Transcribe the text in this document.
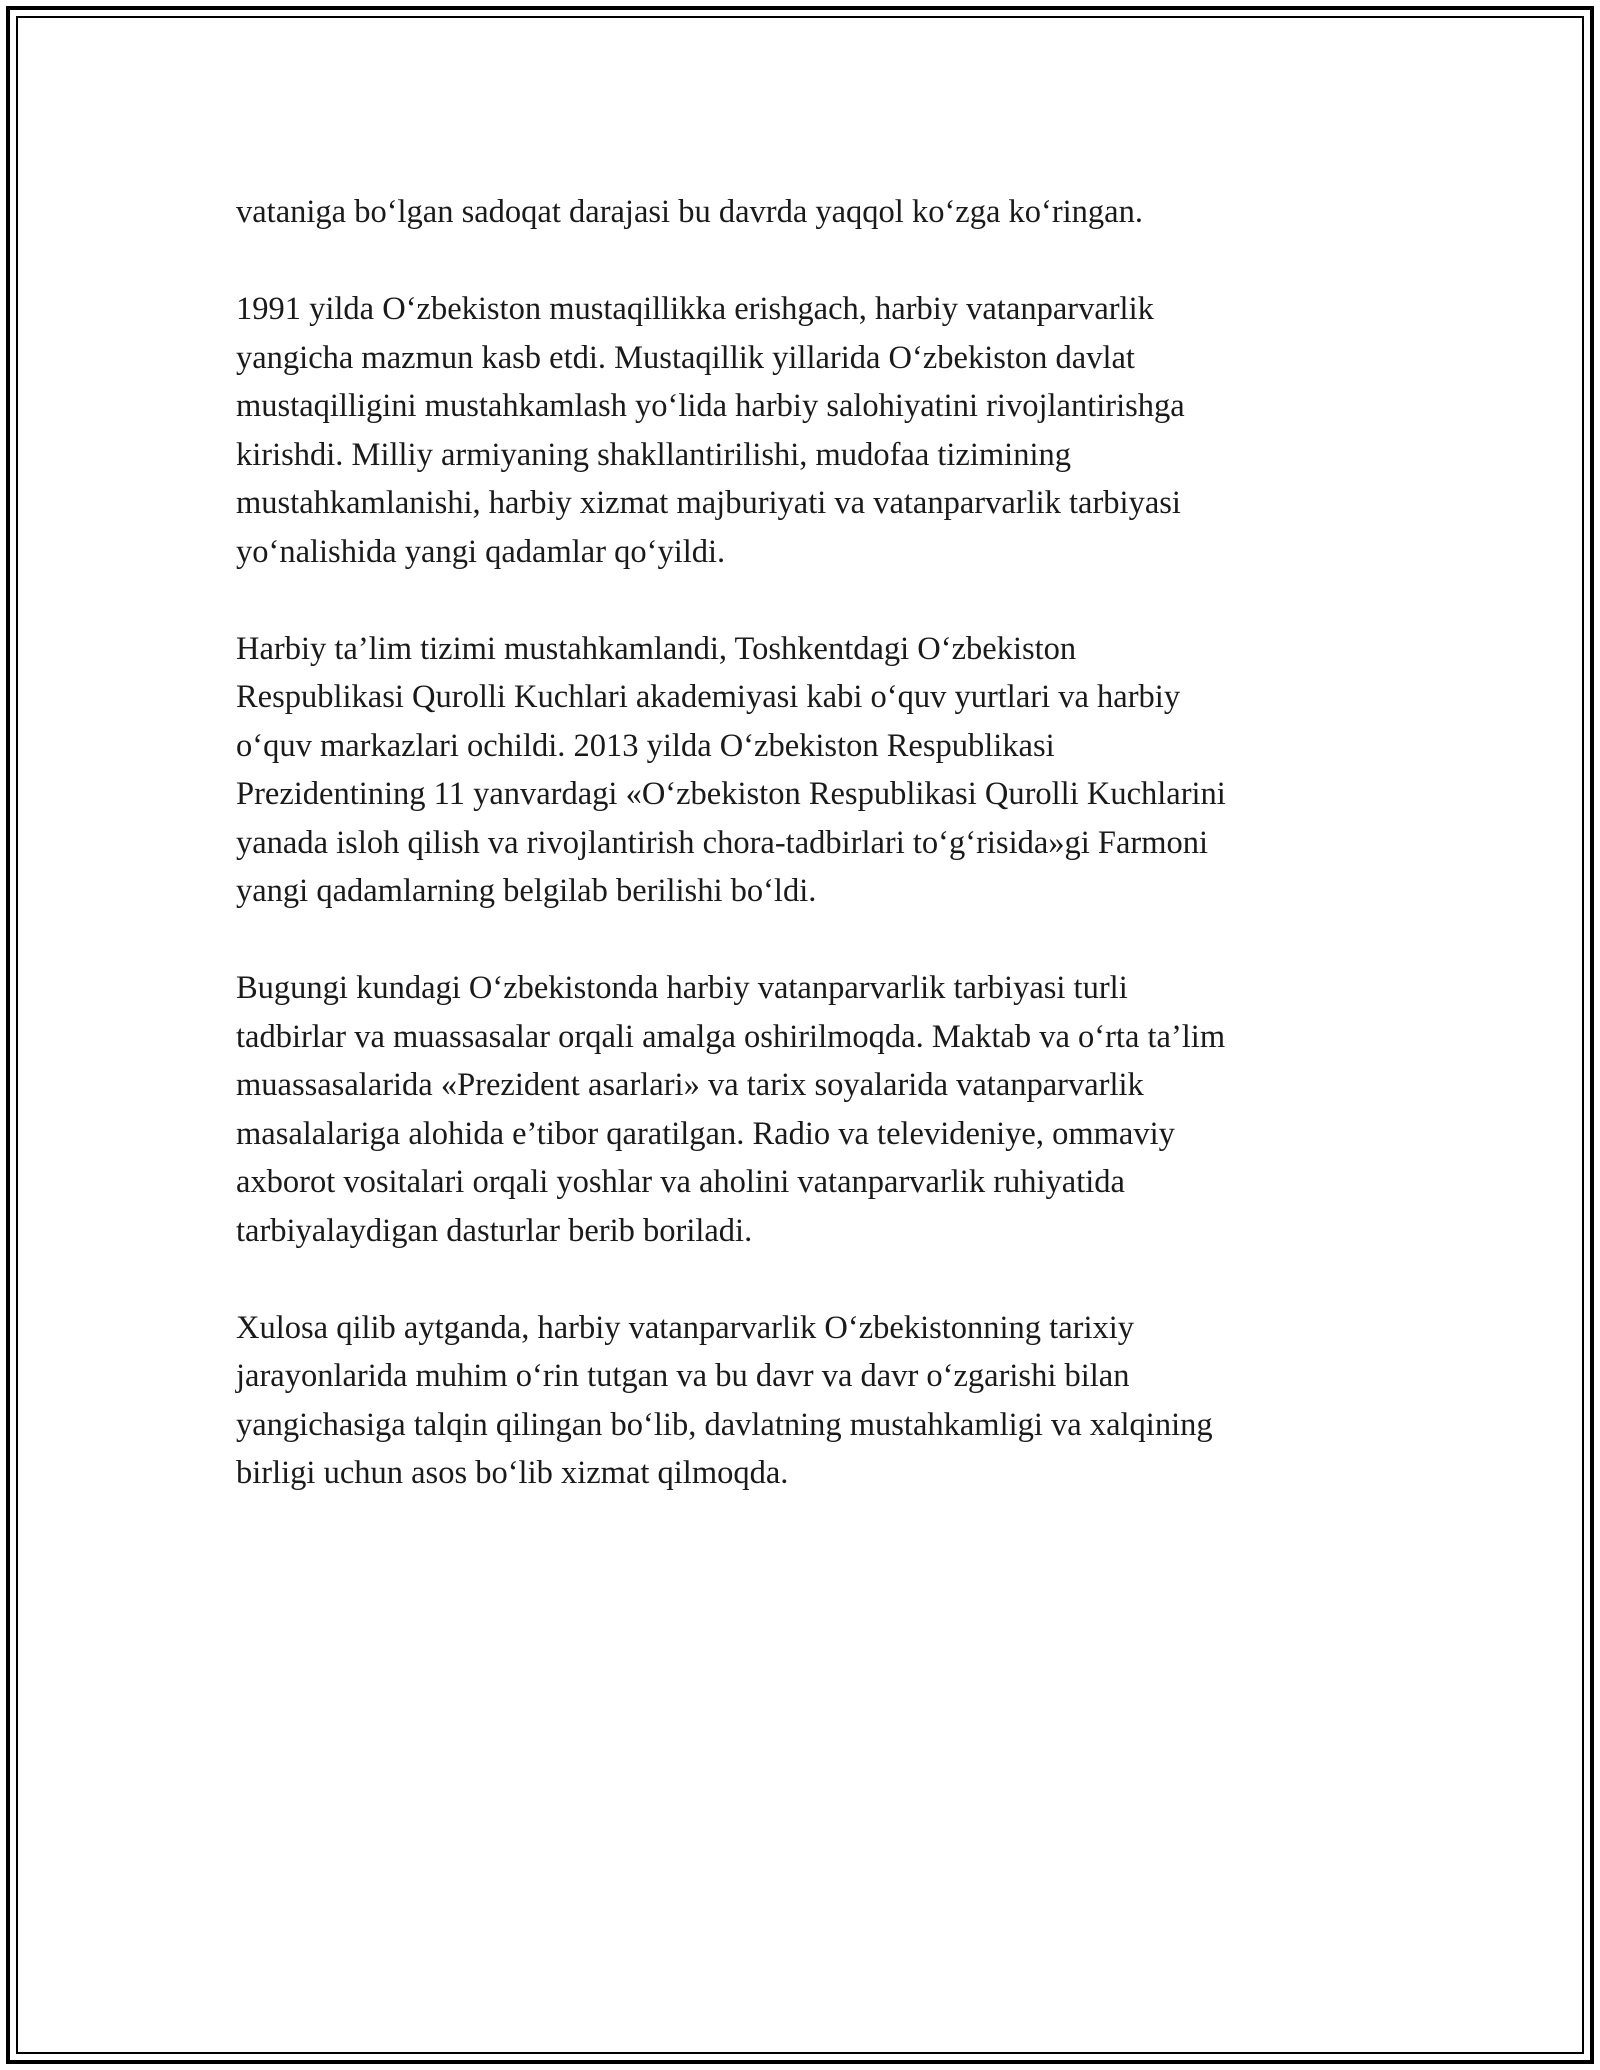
vataniga boʻlgan sadoqat darajasi bu davrda yaqqol koʻzga koʻringan.

1991 yilda Oʻzbekiston mustaqillikka erishgach, harbiy vatanparvarlik
yangicha mazmun kasb etdi. Mustaqillik yillarida Oʻzbekiston davlat
mustaqilligini mustahkamlash yoʻlida harbiy salohiyatini rivojlantirishga
kirishdi. Milliy armiyaning shakllantirilishi, mudofaa tizimining
mustahkamlanishi, harbiy xizmat majburiyati va vatanparvarlik tarbiyasi
yoʻnalishida yangi qadamlar qoʻyildi.

Harbiy ta’lim tizimi mustahkamlandi, Toshkentdagi Oʻzbekiston
Respublikasi Qurolli Kuchlari akademiyasi kabi oʻquv yurtlari va harbiy
oʻquv markazlari ochildi. 2013 yilda Oʻzbekiston Respublikasi
Prezidentining 11 yanvardagi «Oʻzbekiston Respublikasi Qurolli Kuchlarini
yanada isloh qilish va rivojlantirish chora-tadbirlari toʻgʻrisida»gi Farmoni
yangi qadamlarning belgilab berilishi boʻldi.

Bugungi kundagi Oʻzbekistonda harbiy vatanparvarlik tarbiyasi turli
tadbirlar va muassasalar orqali amalga oshirilmoqda. Maktab va oʻrta ta’lim
muassasalarida «Prezident asarlari» va tarix soyalarida vatanparvarlik
masalalariga alohida e’tibor qaratilgan. Radio va televideniye, ommaviy
axborot vositalari orqali yoshlar va aholini vatanparvarlik ruhiyatida
tarbiyalaydigan dasturlar berib boriladi.

Xulosa qilib aytganda, harbiy vatanparvarlik Oʻzbekistonning tarixiy
jarayonlarida muhim oʻrin tutgan va bu davr va davr oʻzgarishi bilan
yangichasiga talqin qilingan boʻlib, davlatning mustahkamligi va xalqining
birligi uchun asos boʻlib xizmat qilmoqda.
